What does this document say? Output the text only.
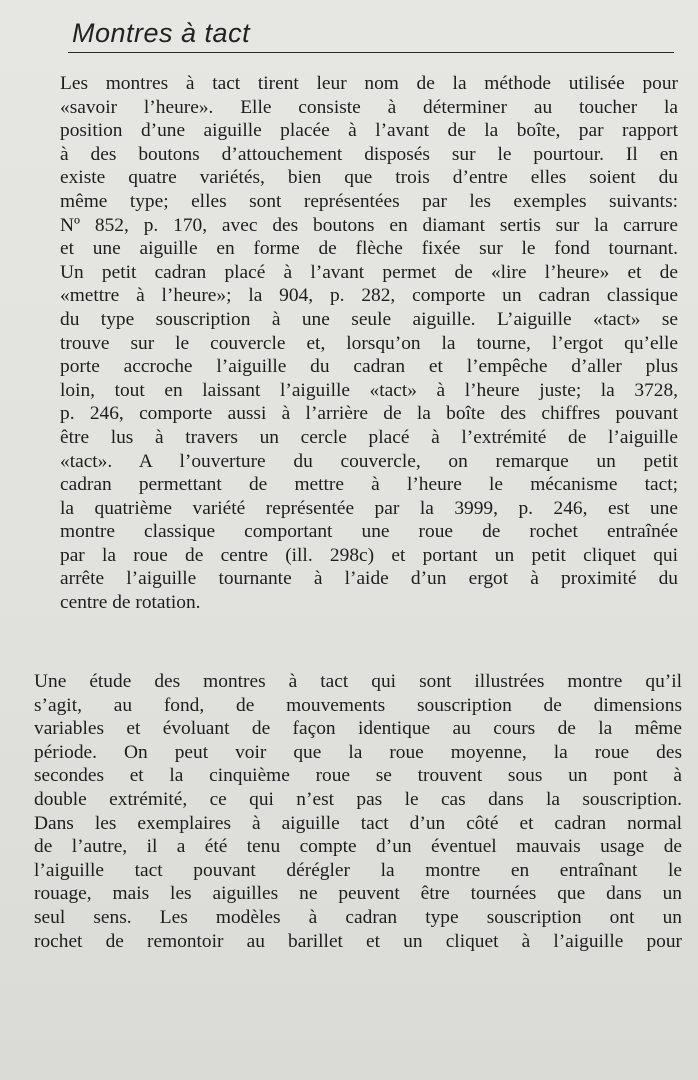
Montres à tact
Les montres à tact tirent leur nom de la méthode utilisée pour
«savoir l’heure». Elle consiste à déterminer au toucher la
position d’une aiguille placée à l’avant de la boîte, par rapport
à des boutons d’attouchement disposés sur le pourtour. Il en
existe quatre variétés, bien que trois d’entre elles soient du
même type; elles sont représentées par les exemples suivants:
Nº 852, p. 170, avec des boutons en diamant sertis sur la carrure
et une aiguille en forme de flèche fixée sur le fond tournant.
Un petit cadran placé à l’avant permet de «lire l’heure» et de
«mettre à l’heure»; la 904, p. 282, comporte un cadran classique
du type souscription à une seule aiguille. L’aiguille «tact» se
trouve sur le couvercle et, lorsqu’on la tourne, l’ergot qu’elle
porte accroche l’aiguille du cadran et l’empêche d’aller plus
loin, tout en laissant l’aiguille «tact» à l’heure juste; la 3728,
p. 246, comporte aussi à l’arrière de la boîte des chiffres pouvant
être lus à travers un cercle placé à l’extrémité de l’aiguille
«tact». A l’ouverture du couvercle, on remarque un petit
cadran permettant de mettre à l’heure le mécanisme tact;
la quatrième variété représentée par la 3999, p. 246, est une
montre classique comportant une roue de rochet entraînée
par la roue de centre (ill. 298c) et portant un petit cliquet qui
arrête l’aiguille tournante à l’aide d’un ergot à proximité du
centre de rotation.
Une étude des montres à tact qui sont illustrées montre qu’il
s’agit, au fond, de mouvements souscription de dimensions
variables et évoluant de façon identique au cours de la même
période. On peut voir que la roue moyenne, la roue des
secondes et la cinquième roue se trouvent sous un pont à
double extrémité, ce qui n’est pas le cas dans la souscription.
Dans les exemplaires à aiguille tact d’un côté et cadran normal
de l’autre, il a été tenu compte d’un éventuel mauvais usage de
l’aiguille tact pouvant dérégler la montre en entraînant le
rouage, mais les aiguilles ne peuvent être tournées que dans un
seul sens. Les modèles à cadran type souscription ont un
rochet de remontoir au barillet et un cliquet à l’aiguille pour
